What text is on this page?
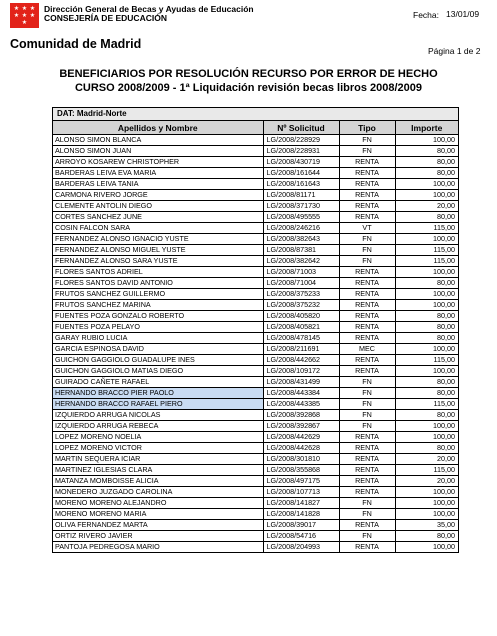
★ ★ ★
★ ★ ★
★
Dirección General de Becas y Ayudas de Educación
CONSEJERÍA DE EDUCACIÓN
Comunidad de Madrid
Fecha: 13/01/09
Página 1 de 2
BENEFICIARIOS POR RESOLUCIÓN RECURSO POR ERROR DE HECHO
CURSO 2008/2009 - 1ª Liquidación revisión becas libros 2008/2009
DAT: Madrid-Norte
Apellidos y Nombre	Nº Solicitud	Tipo	Importe
ALONSO SIMON BLANCA	LG/2008/228929	FN	100,00
ALONSO SIMON JUAN	LG/2008/228931	FN	80,00
ARROYO KOSAREW CHRISTOPHER	LG/2008/430719	RENTA	80,00
BARDERAS LEIVA EVA MARIA	LG/2008/161644	RENTA	80,00
BARDERAS LEIVA TANIA	LG/2008/161643	RENTA	100,00
CARMONA RIVERO JORGE	LG/2008/81171	RENTA	100,00
CLEMENTE ANTOLIN DIEGO	LG/2008/371730	RENTA	20,00
CORTES SANCHEZ JUNE	LG/2008/495555	RENTA	80,00
COSIN FALCON SARA	LG/2008/246216	VT	115,00
FERNANDEZ ALONSO IGNACIO YUSTE	LG/2008/382643	FN	100,00
FERNANDEZ ALONSO MIGUEL YUSTE	LG/2008/87381	FN	115,00
FERNANDEZ ALONSO SARA YUSTE	LG/2008/382642	FN	115,00
FLORES SANTOS ADRIEL	LG/2008/71003	RENTA	100,00
FLORES SANTOS DAVID ANTONIO	LG/2008/71004	RENTA	80,00
FRUTOS SANCHEZ GUILLERMO	LG/2008/375233	RENTA	100,00
FRUTOS SANCHEZ MARINA	LG/2008/375232	RENTA	100,00
FUENTES POZA GONZALO ROBERTO	LG/2008/405820	RENTA	80,00
FUENTES POZA PELAYO	LG/2008/405821	RENTA	80,00
GARAY RUBIO LUCIA	LG/2008/478145	RENTA	80,00
GARCIA ESPINOSA DAVID	LG/2008/211691	MEC	100,00
GUICHON GAGGIOLO GUADALUPE INES	LG/2008/442662	RENTA	115,00
GUICHON GAGGIOLO MATIAS DIEGO	LG/2008/109172	RENTA	100,00
GUIRADO CAÑETE RAFAEL	LG/2008/431499	FN	80,00
HERNANDO BRACCO PIER PAOLO	LG/2008/443384	FN	80,00
HERNANDO BRACCO RAFAEL PIERO	LG/2008/443385	FN	115,00
IZQUIERDO ARRUGA NICOLAS	LG/2008/392868	FN	80,00
IZQUIERDO ARRUGA REBECA	LG/2008/392867	FN	100,00
LOPEZ MORENO NOELIA	LG/2008/442629	RENTA	100,00
LOPEZ MORENO VICTOR	LG/2008/442628	RENTA	80,00
MARTIN SEQUERA ICIAR	LG/2008/301810	RENTA	20,00
MARTINEZ IGLESIAS CLARA	LG/2008/355868	RENTA	115,00
MATANZA MOMBOISSE ALICIA	LG/2008/497175	RENTA	20,00
MONEDERO JUZGADO CAROLINA	LG/2008/107713	RENTA	100,00
MORENO MORENO ALEJANDRO	LG/2008/141827	FN	100,00
MORENO MORENO MARIA	LG/2008/141828	FN	100,00
OLIVA FERNANDEZ MARTA	LG/2008/39017	RENTA	35,00
ORTIZ RIVERO JAVIER	LG/2008/54716	FN	80,00
PANTOJA PEDREGOSA MARIO	LG/2008/204993	RENTA	100,00
